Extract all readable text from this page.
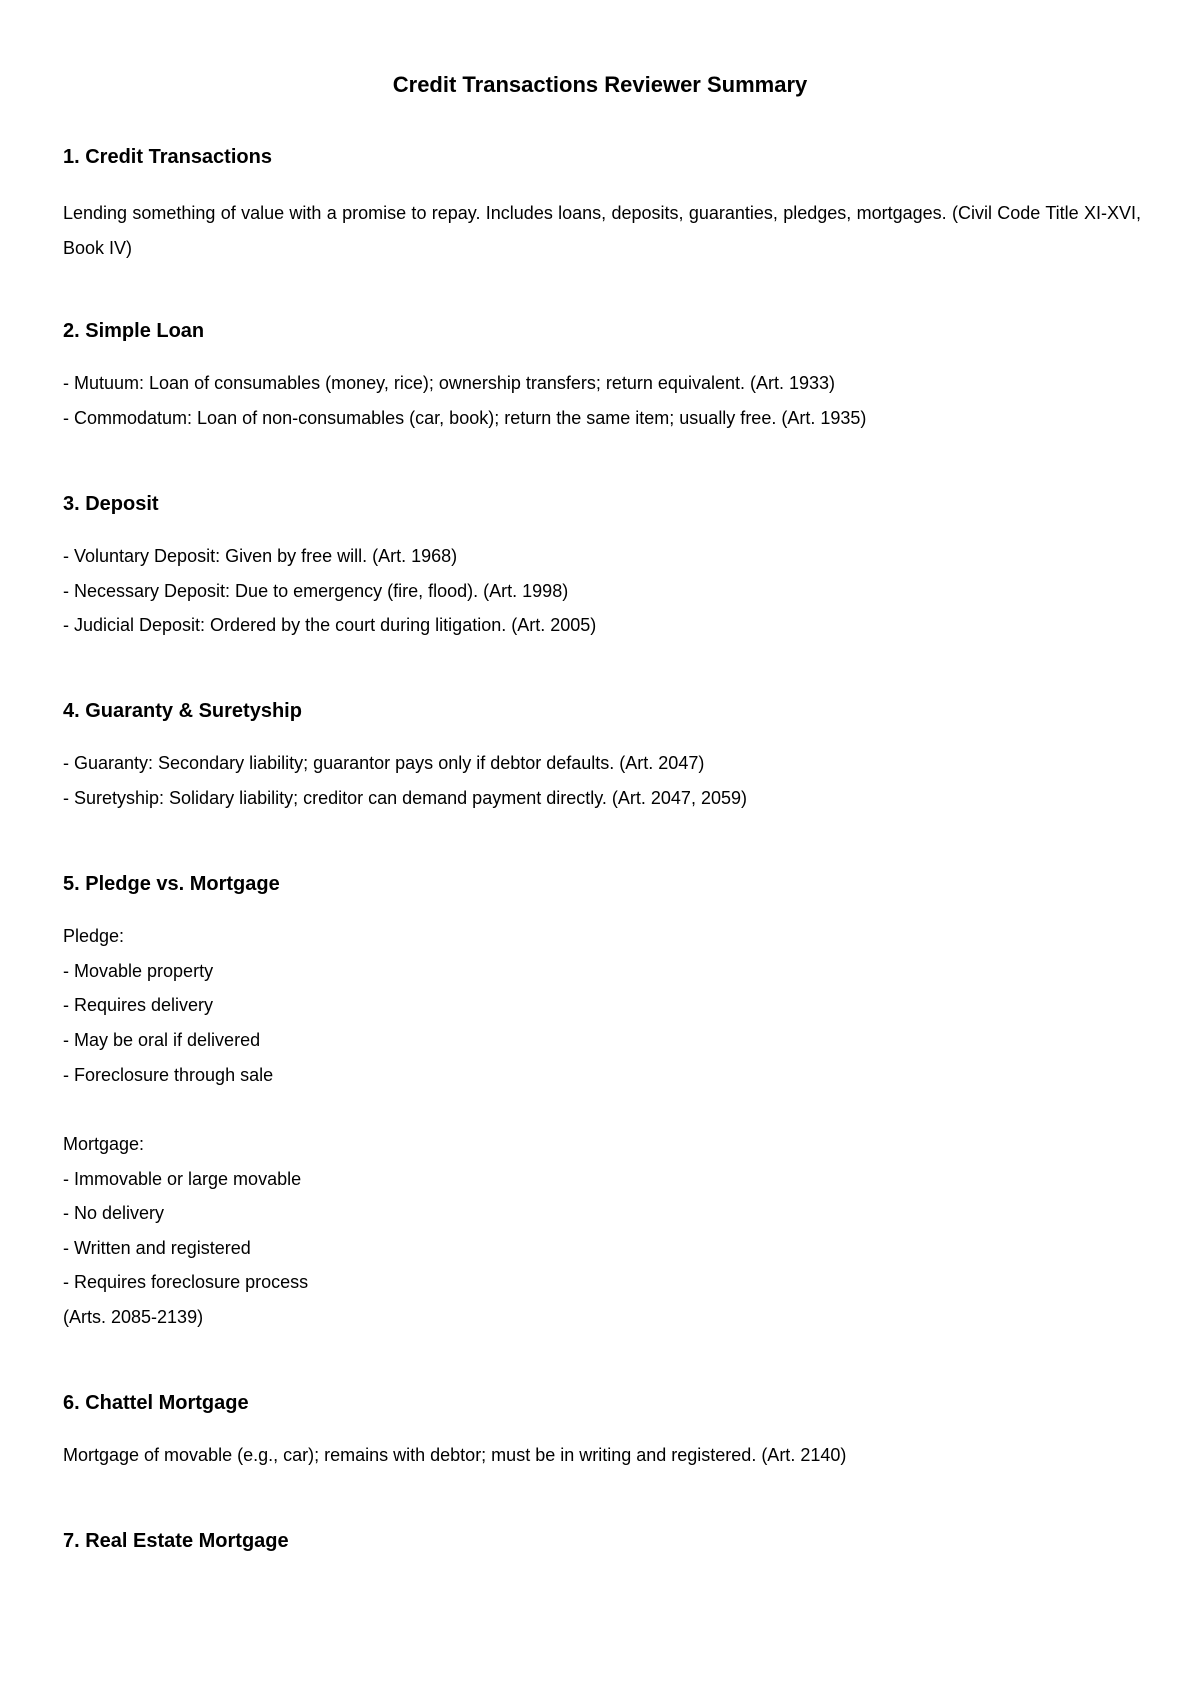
Credit Transactions Reviewer Summary
1. Credit Transactions

Lending something of value with a promise to repay. Includes loans, deposits, guaranties, pledges, mortgages. (Civil Code Title XI-XVI, Book IV)

2. Simple Loan

- Mutuum: Loan of consumables (money, rice); ownership transfers; return equivalent. (Art. 1933)

- Commodatum: Loan of non-consumables (car, book); return the same item; usually free. (Art. 1935)

3. Deposit

- Voluntary Deposit: Given by free will. (Art. 1968)

- Necessary Deposit: Due to emergency (fire, flood). (Art. 1998)

- Judicial Deposit: Ordered by the court during litigation. (Art. 2005)

4. Guaranty & Suretyship

- Guaranty: Secondary liability; guarantor pays only if debtor defaults. (Art. 2047)

- Suretyship: Solidary liability; creditor can demand payment directly. (Art. 2047, 2059)

5. Pledge vs. Mortgage

Pledge:

- Movable property

- Requires delivery

- May be oral if delivered

- Foreclosure through sale

Mortgage:

- Immovable or large movable

- No delivery

- Written and registered

- Requires foreclosure process

(Arts. 2085-2139)

6. Chattel Mortgage

Mortgage of movable (e.g., car); remains with debtor; must be in writing and registered. (Art. 2140)

7. Real Estate Mortgage
